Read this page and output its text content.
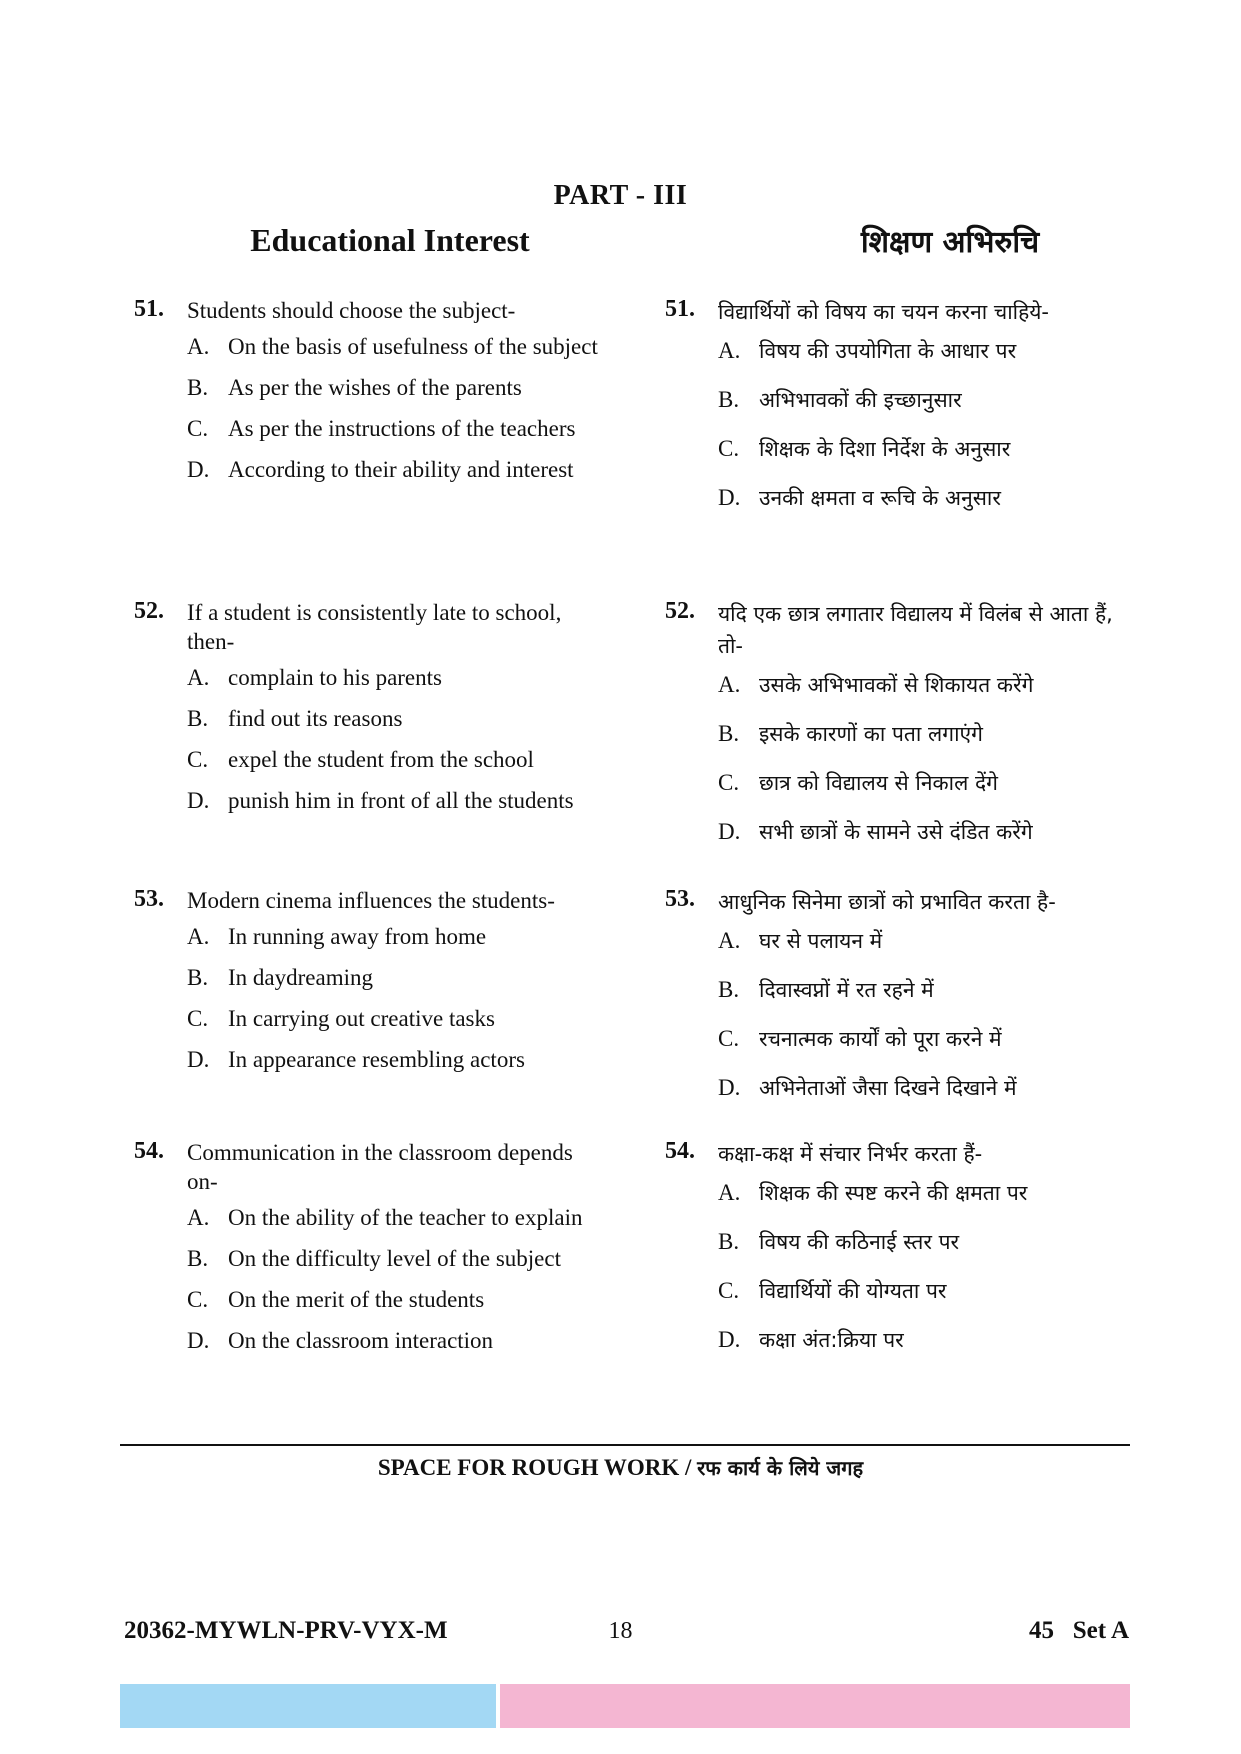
PART - III
Educational Interest	शिक्षण अभिरुचि
51. Students should choose the subject-
A. On the basis of usefulness of the subject
B. As per the wishes of the parents
C. As per the instructions of the teachers
D. According to their ability and interest
52. If a student is consistently late to school, then-
A. complain to his parents
B. find out its reasons
C. expel the student from the school
D. punish him in front of all the students
53. Modern cinema influences the students-
A. In running away from home
B. In daydreaming
C. In carrying out creative tasks
D. In appearance resembling actors
54. Communication in the classroom depends on-
A. On the ability of the teacher to explain
B. On the difficulty level of the subject
C. On the merit of the students
D. On the classroom interaction
51. विद्यार्थियों को विषय का चयन करना चाहिये-
A. विषय की उपयोगिता के आधार पर
B. अभिभावकों की इच्छानुसार
C. शिक्षक के दिशा निर्देश के अनुसार
D. उनकी क्षमता व रूचि के अनुसार
52. यदि एक छात्र लगातार विद्यालय में विलंब से आता हैं, तो-
A. उसके अभिभावकों से शिकायत करेंगे
B. इसके कारणों का पता लगाएंगे
C. छात्र को विद्यालय से निकाल देंगे
D. सभी छात्रों के सामने उसे दंडित करेंगे
53. आधुनिक सिनेमा छात्रों को प्रभावित करता है-
A. घर से पलायन में
B. दिवास्वप्नों में रत रहने में
C. रचनात्मक कार्यों को पूरा करने में
D. अभिनेताओं जैसा दिखने दिखाने में
54. कक्षा-कक्ष में संचार निर्भर करता हैं-
A. शिक्षक की स्पष्ट करने की क्षमता पर
B. विषय की कठिनाई स्तर पर
C. विद्यार्थियों की योग्यता पर
D. कक्षा अंत:क्रिया पर
SPACE FOR ROUGH WORK / रफ कार्य के लिये जगह
20362-MYWLN-PRV-VYX-M	18	45   Set A
